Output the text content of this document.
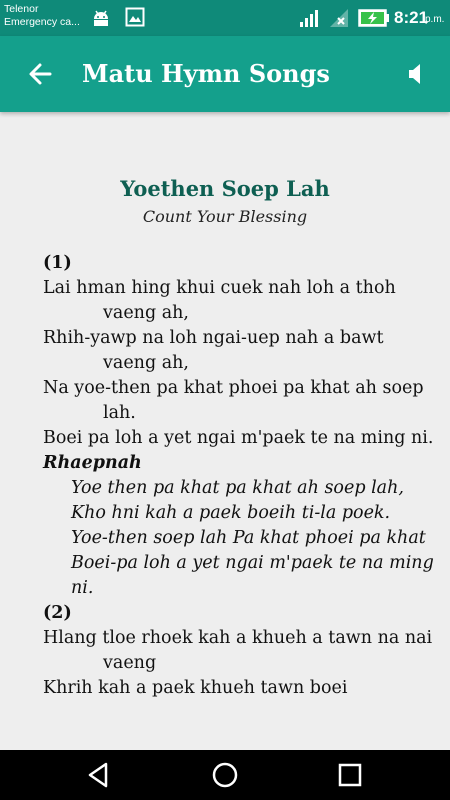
Telenor
Emergency ca...	8:21
p.m.
Matu Hymn Songs
Yoethen Soep Lah
Count Your Blessing
(1)
Lai hman hing khui cuek nah loh a thoh vaeng ah,
Rhih-yawp na loh ngai-uep nah a bawt vaeng ah,
Na yoe-then pa khat phoei pa khat ah soep lah.
Boei pa loh a yet ngai m'paek te na ming ni.
Rhaepnah
Yoe then pa khat pa khat ah soep lah,
Kho hni kah a paek boeih ti-la poek.
Yoe-then soep lah Pa khat phoei pa khat
Boei-pa loh a yet ngai m'paek te na ming ni.
(2)
Hlang tloe rhoek kah a khueh a tawn na nai vaeng
Khrih kah a paek khueh tawn boei
